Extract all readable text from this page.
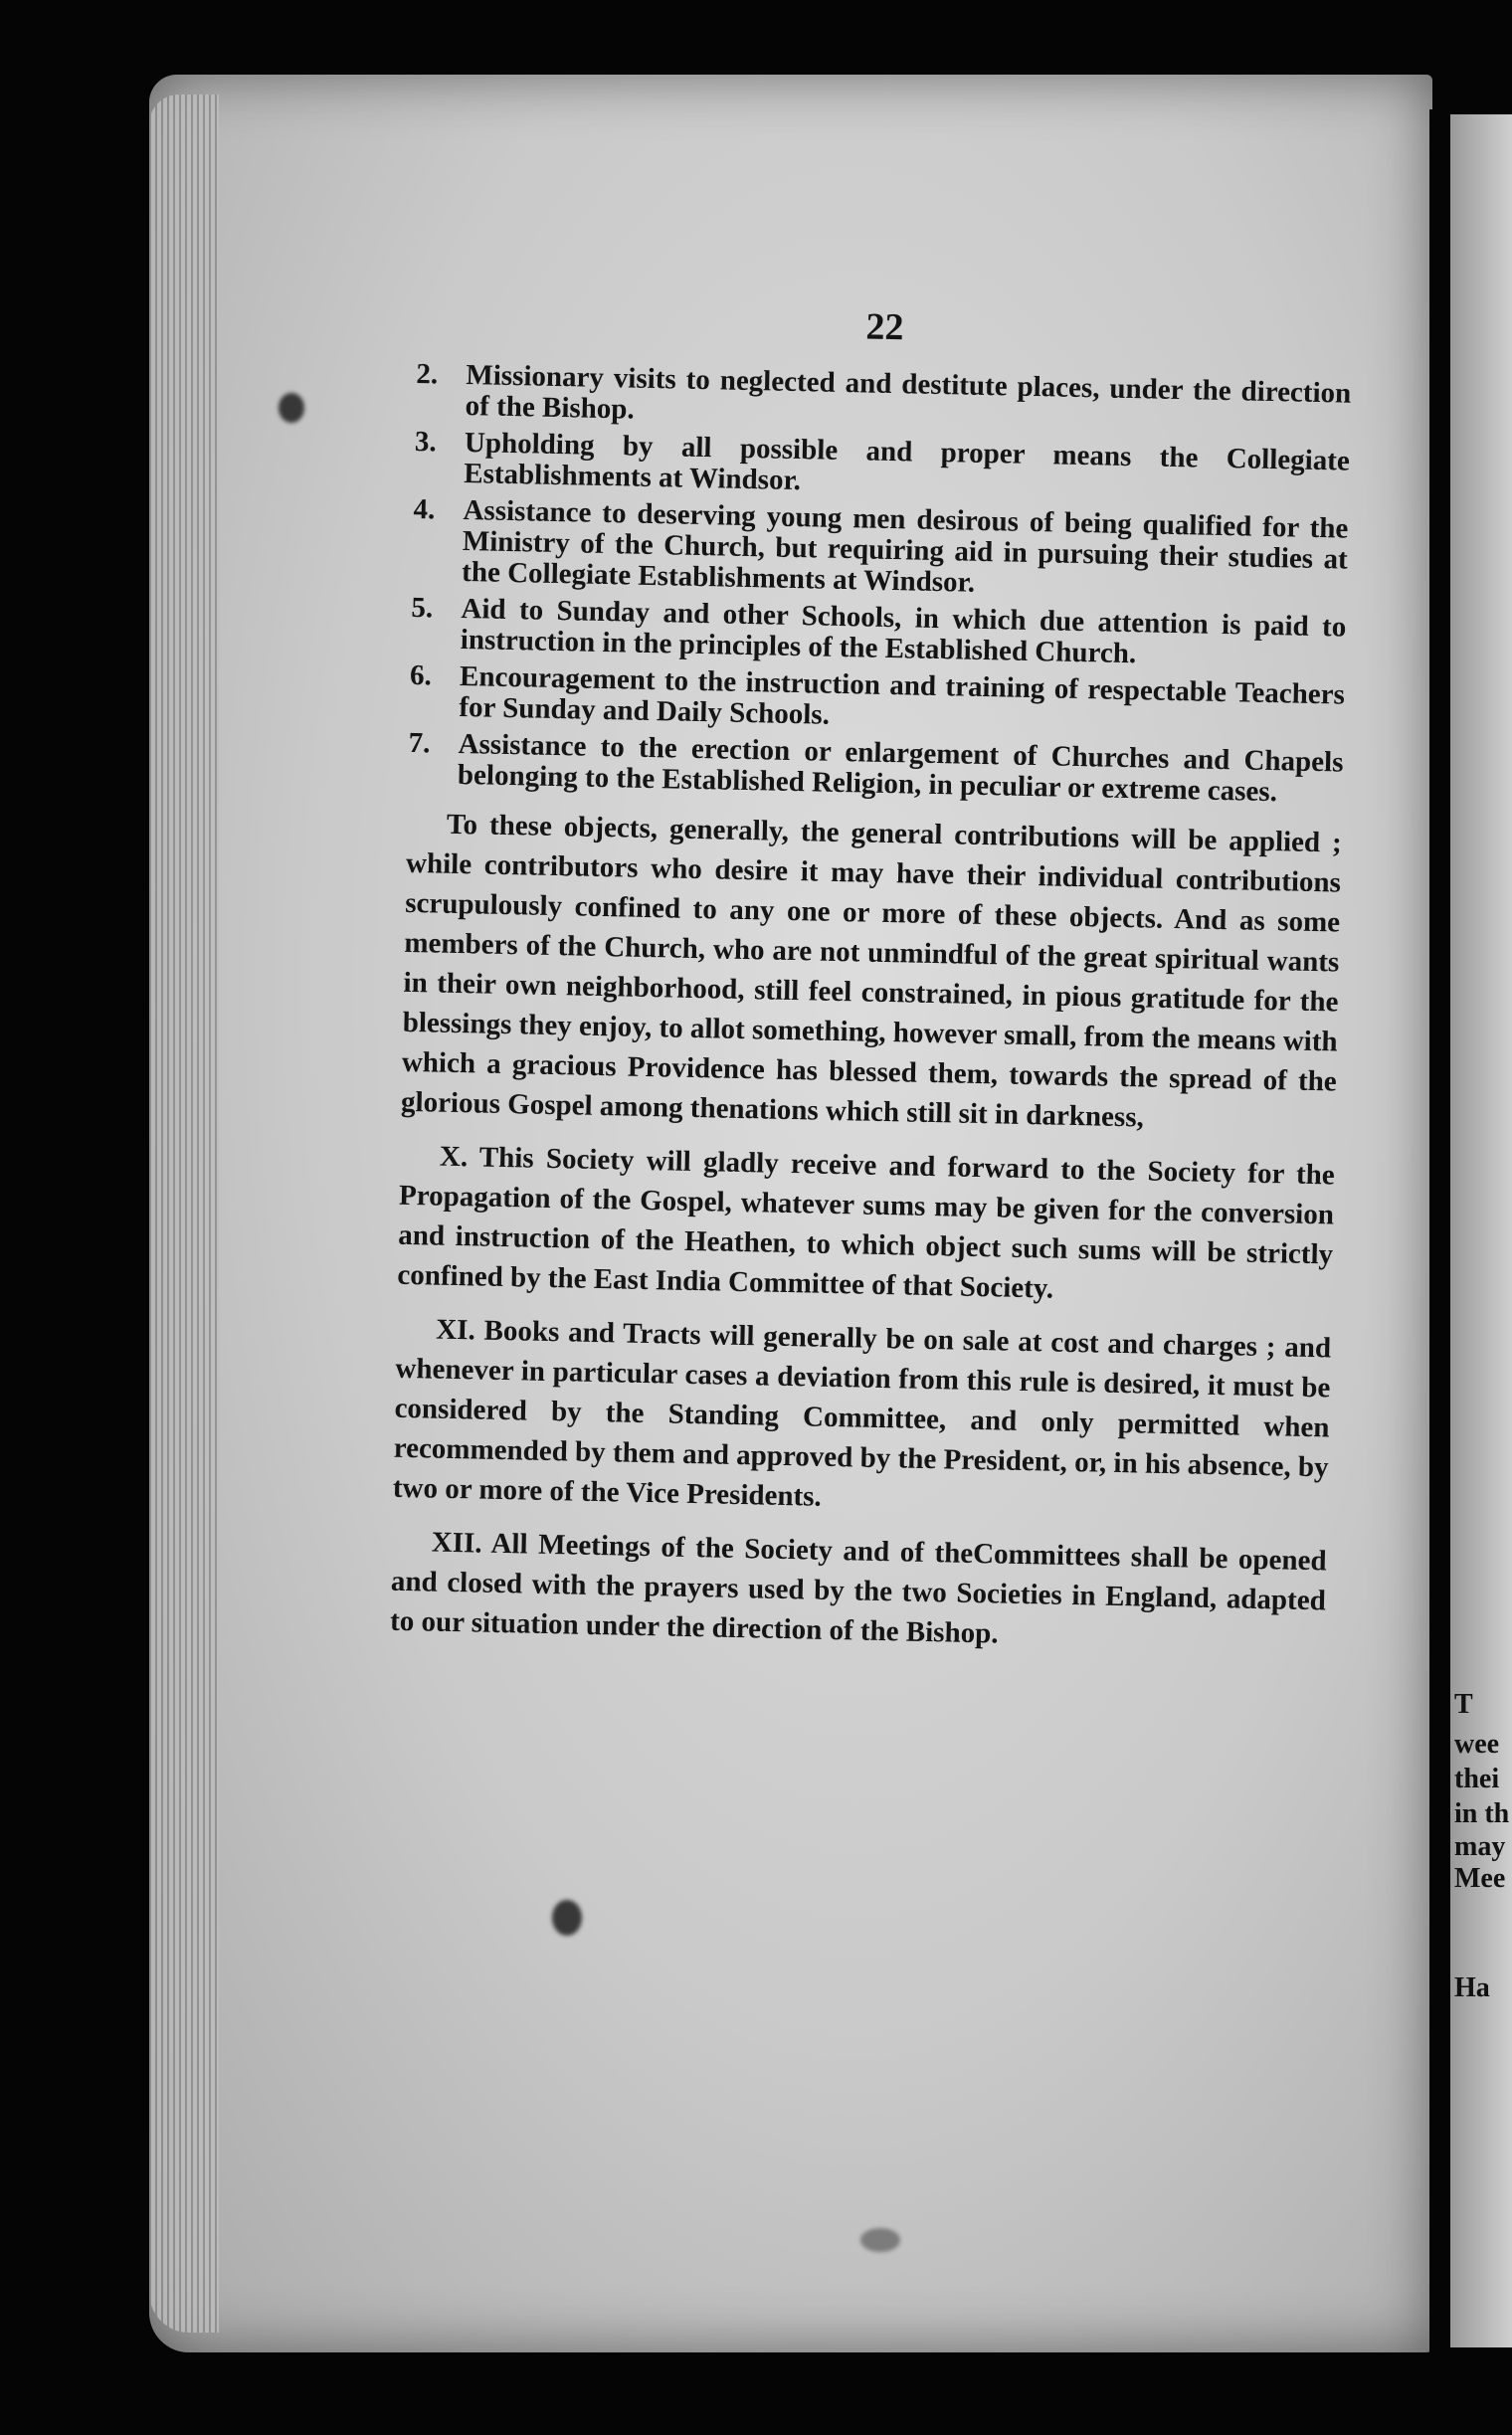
T
wee
thei
in th
may
Mee
Ha
22
2. Missionary visits to neglected and destitute places, under the direction of the Bishop.
3. Upholding by all possible and proper means the Collegiate Establishments at Windsor.
4. Assistance to deserving young men desirous of being qualified for the Ministry of the Church, but requiring aid in pursuing their studies at the Collegiate Establishments at Windsor.
5. Aid to Sunday and other Schools, in which due attention is paid to instruction in the principles of the Established Church.
6. Encouragement to the instruction and training of respectable Teachers for Sunday and Daily Schools.
7. Assistance to the erection or enlargement of Churches and Chapels belonging to the Established Religion, in peculiar or extreme cases.

To these objects, generally, the general contributions will be applied ; while contributors who desire it may have their individual contributions scrupulously confined to any one or more of these objects. And as some members of the Church, who are not unmindful of the great spiritual wants in their own neighborhood, still feel constrained, in pious gratitude for the blessings they enjoy, to allot something, however small, from the means with which a gracious Providence has blessed them, towards the spread of the glorious Gospel among thenations which still sit in darkness,

X. This Society will gladly receive and forward to the Society for the Propagation of the Gospel, whatever sums may be given for the conversion and instruction of the Heathen, to which object such sums will be strictly confined by the East India Committee of that Society.

XI. Books and Tracts will generally be on sale at cost and charges ; and whenever in particular cases a deviation from this rule is desired, it must be considered by the Standing Committee, and only permitted when recommended by them and approved by the President, or, in his absence, by two or more of the Vice Presidents.

XII. All Meetings of the Society and of theCommittees shall be opened and closed with the prayers used by the two Societies in England, adapted to our situation under the direction of the Bishop.
